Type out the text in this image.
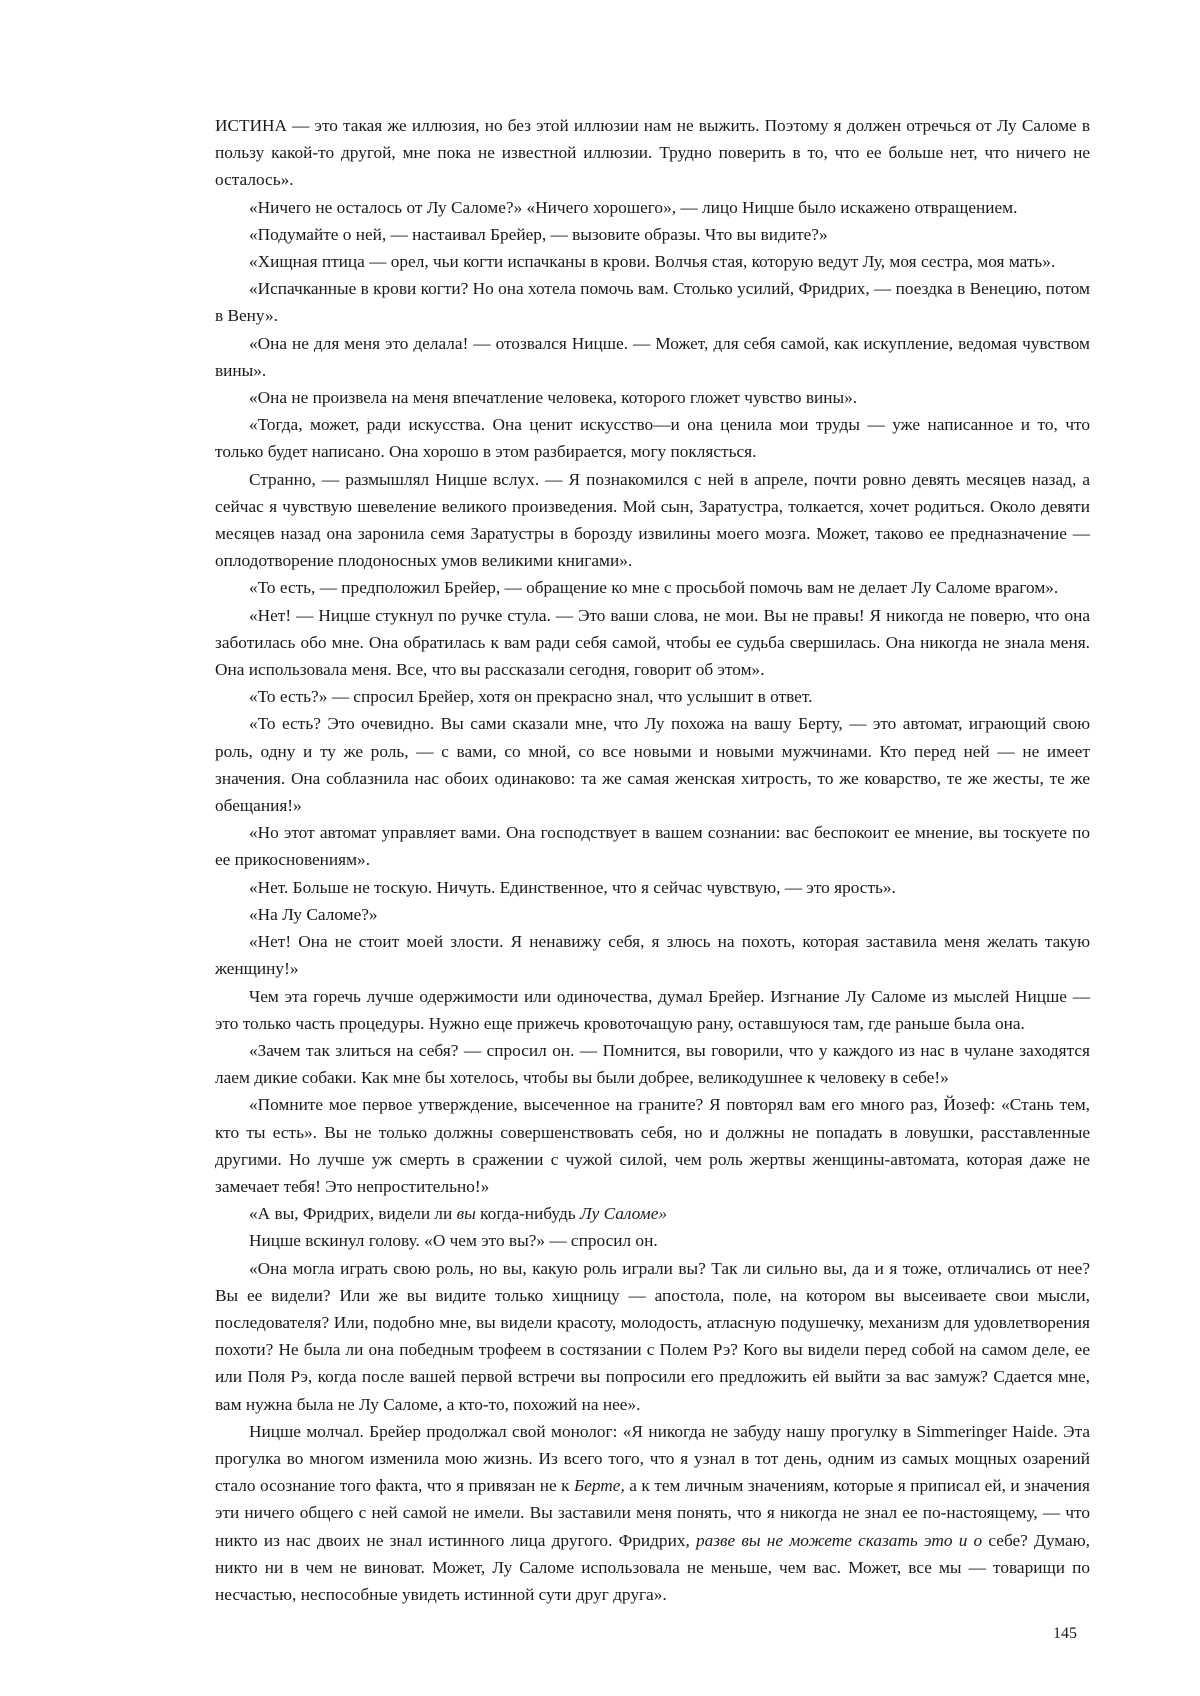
ИСТИНА — это такая же иллюзия, но без этой иллюзии нам не выжить. Поэтому я должен отречься от Лу Саломе в пользу какой-то другой, мне пока не известной иллюзии. Трудно поверить в то, что ее больше нет, что ничего не осталось».

«Ничего не осталось от Лу Саломе?» «Ничего хорошего», — лицо Ницше было искажено отвращением.

«Подумайте о ней, — настаивал Брейер, — вызовите образы. Что вы видите?»

«Хищная птица — орел, чьи когти испачканы в крови. Волчья стая, которую ведут Лу, моя сестра, моя мать».

«Испачканные в крови когти? Но она хотела помочь вам. Столько усилий, Фридрих, — поездка в Венецию, потом в Вену».

«Она не для меня это делала! — отозвался Ницше. — Может, для себя самой, как искупление, ведомая чувством вины».

«Она не произвела на меня впечатление человека, которого гложет чувство вины».

«Тогда, может, ради искусства. Она ценит искусство—и она ценила мои труды — уже написанное и то, что только будет написано. Она хорошо в этом разбирается, могу поклясться.

Странно, — размышлял Ницше вслух. — Я познакомился с ней в апреле, почти ровно девять месяцев назад, а сейчас я чувствую шевеление великого произведения. Мой сын, Заратустра, толкается, хочет родиться. Около девяти месяцев назад она заронила семя Заратустры в борозду извилины моего мозга. Может, таково ее предназначение — оплодотворение плодоносных умов великими книгами».

«То есть, — предположил Брейер, — обращение ко мне с просьбой помочь вам не делает Лу Саломе врагом».

«Нет! — Ницше стукнул по ручке стула. — Это ваши слова, не мои. Вы не правы! Я никогда не поверю, что она заботилась обо мне. Она обратилась к вам ради себя самой, чтобы ее судьба свершилась. Она никогда не знала меня. Она использовала меня. Все, что вы рассказали сегодня, говорит об этом».

«То есть?» — спросил Брейер, хотя он прекрасно знал, что услышит в ответ.

«То есть? Это очевидно. Вы сами сказали мне, что Лу похожа на вашу Берту, — это автомат, играющий свою роль, одну и ту же роль, — с вами, со мной, со все новыми и новыми мужчинами. Кто перед ней — не имеет значения. Она соблазнила нас обоих одинаково: та же самая женская хитрость, то же коварство, те же жесты, те же обещания!»

«Но этот автомат управляет вами. Она господствует в вашем сознании: вас беспокоит ее мнение, вы тоскуете по ее прикосновениям».

«Нет. Больше не тоскую. Ничуть. Единственное, что я сейчас чувствую, — это ярость».

«На Лу Саломе?»

«Нет! Она не стоит моей злости. Я ненавижу себя, я злюсь на похоть, которая заставила меня желать такую женщину!»

Чем эта горечь лучше одержимости или одиночества, думал Брейер. Изгнание Лу Саломе из мыслей Ницше — это только часть процедуры. Нужно еще прижечь кровоточащую рану, оставшуюся там, где раньше была она.

«Зачем так злиться на себя? — спросил он. — Помнится, вы говорили, что у каждого из нас в чулане заходятся лаем дикие собаки. Как мне бы хотелось, чтобы вы были добрее, великодушнее к человеку в себе!»

«Помните мое первое утверждение, высеченное на граните? Я повторял вам его много раз, Йозеф: «Стань тем, кто ты есть». Вы не только должны совершенствовать себя, но и должны не попадать в ловушки, расставленные другими. Но лучше уж смерть в сражении с чужой силой, чем роль жертвы женщины-автомата, которая даже не замечает тебя! Это непростительно!»

«А вы, Фридрих, видели ли вы когда-нибудь Лу Саломе»

Ницше вскинул голову. «О чем это вы?» — спросил он.

«Она могла играть свою роль, но вы, какую роль играли вы? Так ли сильно вы, да и я тоже, отличались от нее? Вы ее видели? Или же вы видите только хищницу — апостола, поле, на котором вы высеиваете свои мысли, последователя? Или, подобно мне, вы видели красоту, молодость, атласную подушечку, механизм для удовлетворения похоти? Не была ли она победным трофеем в состязании с Полем Рэ? Кого вы видели перед собой на самом деле, ее или Поля Рэ, когда после вашей первой встречи вы попросили его предложить ей выйти за вас замуж? Сдается мне, вам нужна была не Лу Саломе, а кто-то, похожий на нее».

Ницше молчал. Брейер продолжал свой монолог: «Я никогда не забуду нашу прогулку в Simmeringer Haide. Эта прогулка во многом изменила мою жизнь. Из всего того, что я узнал в тот день, одним из самых мощных озарений стало осознание того факта, что я привязан не к Берте, а к тем личным значениям, которые я приписал ей, и значения эти ничего общего с ней самой не имели. Вы заставили меня понять, что я никогда не знал ее по-настоящему, — что никто из нас двоих не знал истинного лица другого. Фридрих, разве вы не можете сказать это и о себе? Думаю, никто ни в чем не виноват. Может, Лу Саломе использовала не меньше, чем вас. Может, все мы — товарищи по несчастью, неспособные увидеть истинной сути друг друга».

145
